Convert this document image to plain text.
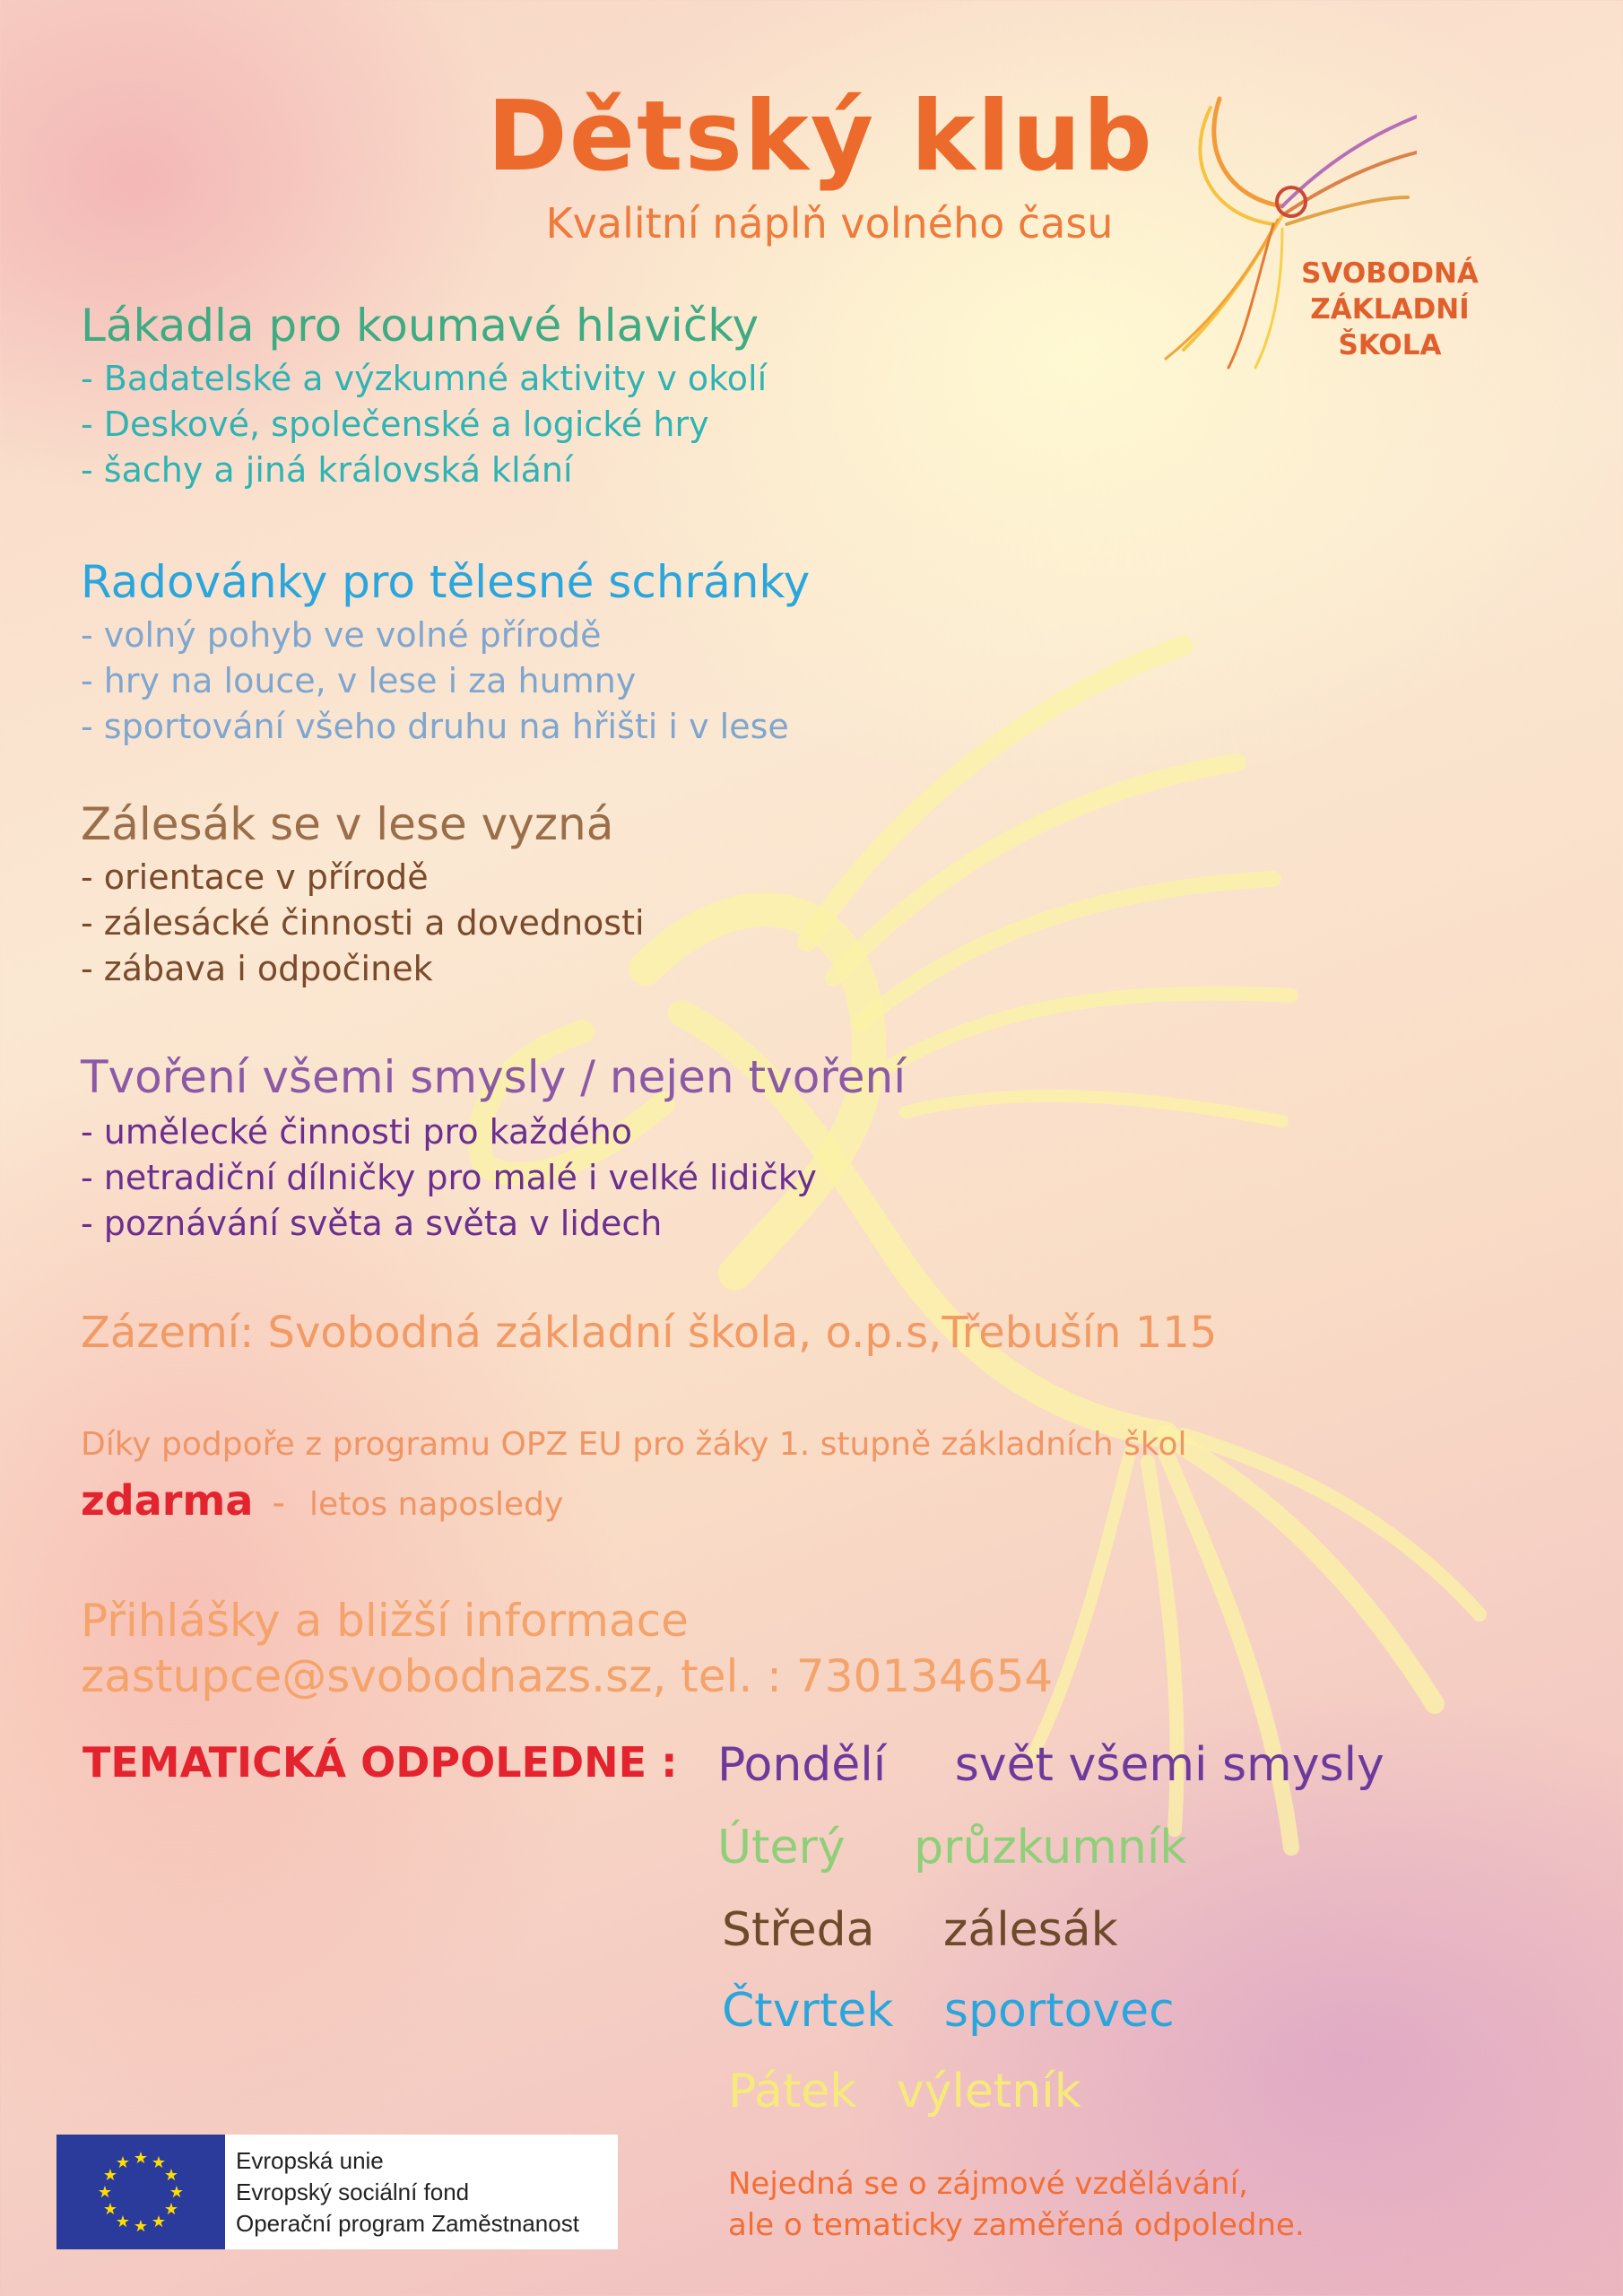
Dětský klub
Kvalitní náplň volného času
SVOBODNÁ
ZÁKLADNÍ ŠKOLA
Lákadla pro koumavé hlavičky
- Badatelské a výzkumné aktivity v okolí
- Deskové, společenské a logické hry
- šachy a jiná královská klání
Radovánky pro tělesné schránky
- volný pohyb ve volné přírodě
- hry na louce, v lese i za humny
- sportování všeho druhu na hřišti i v lese
Zálesák se v lese vyzná
- orientace v přírodě
- zálesácké činnosti a dovednosti
- zábava i odpočinek
Tvoření všemi smysly / nejen tvoření
- umělecké činnosti pro každého
- netradiční dílničky pro malé i velké lidičky
- poznávání světa a světa v lidech
Zázemí: Svobodná základní škola, o.p.s,Třebušín 115
Díky podpoře z programu OPZ EU pro žáky 1. stupně základních škol
zdarma - letos naposledy
Přihlášky a bližší informace
zastupce@svobodnazs.sz, tel. : 730134654
TEMATICKÁ ODPOLEDNE : Pondělí svět všemi smysly
Úterý průzkumník
Středa zálesák
Čtvrtek sportovec
Pátek výletník
Nejedná se o zájmové vzdělávání,
ale o tematicky zaměřená odpoledne.
★ ★
★
★
★
★
★
★
★
★
★
★	Evropská unie
Evropský sociální fond
Operační program Zaměstnanost
